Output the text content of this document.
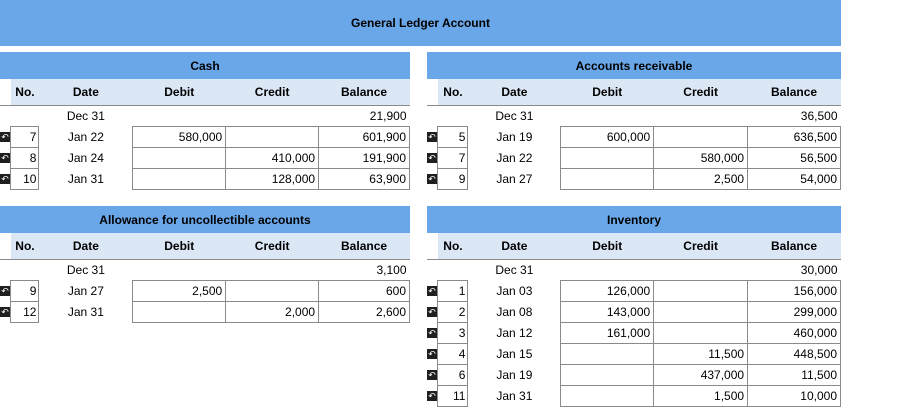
General Ledger Account
Cash
	No.	Date	Debit	Credit	Balance
		Dec 31			21,900

↶	7	Jan 22	580,000		601,900

↶	8	Jan 24		410,000	191,900

↶	10	Jan 31		128,000	63,900
Accounts receivable
	No.	Date	Debit	Credit	Balance
		Dec 31			36,500

↶	5	Jan 19	600,000		636,500

↶	7	Jan 22		580,000	56,500

↶	9	Jan 27		2,500	54,000
Allowance for uncollectible accounts
	No.	Date	Debit	Credit	Balance
		Dec 31			3,100

↶	9	Jan 27	2,500		600

↶	12	Jan 31		2,000	2,600
Inventory
	No.	Date	Debit	Credit	Balance
		Dec 31			30,000

↶	1	Jan 03	126,000		156,000

↶	2	Jan 08	143,000		299,000

↶	3	Jan 12	161,000		460,000

↶	4	Jan 15		11,500	448,500

↶	6	Jan 19		437,000	11,500

↶	11	Jan 31		1,500	10,000
